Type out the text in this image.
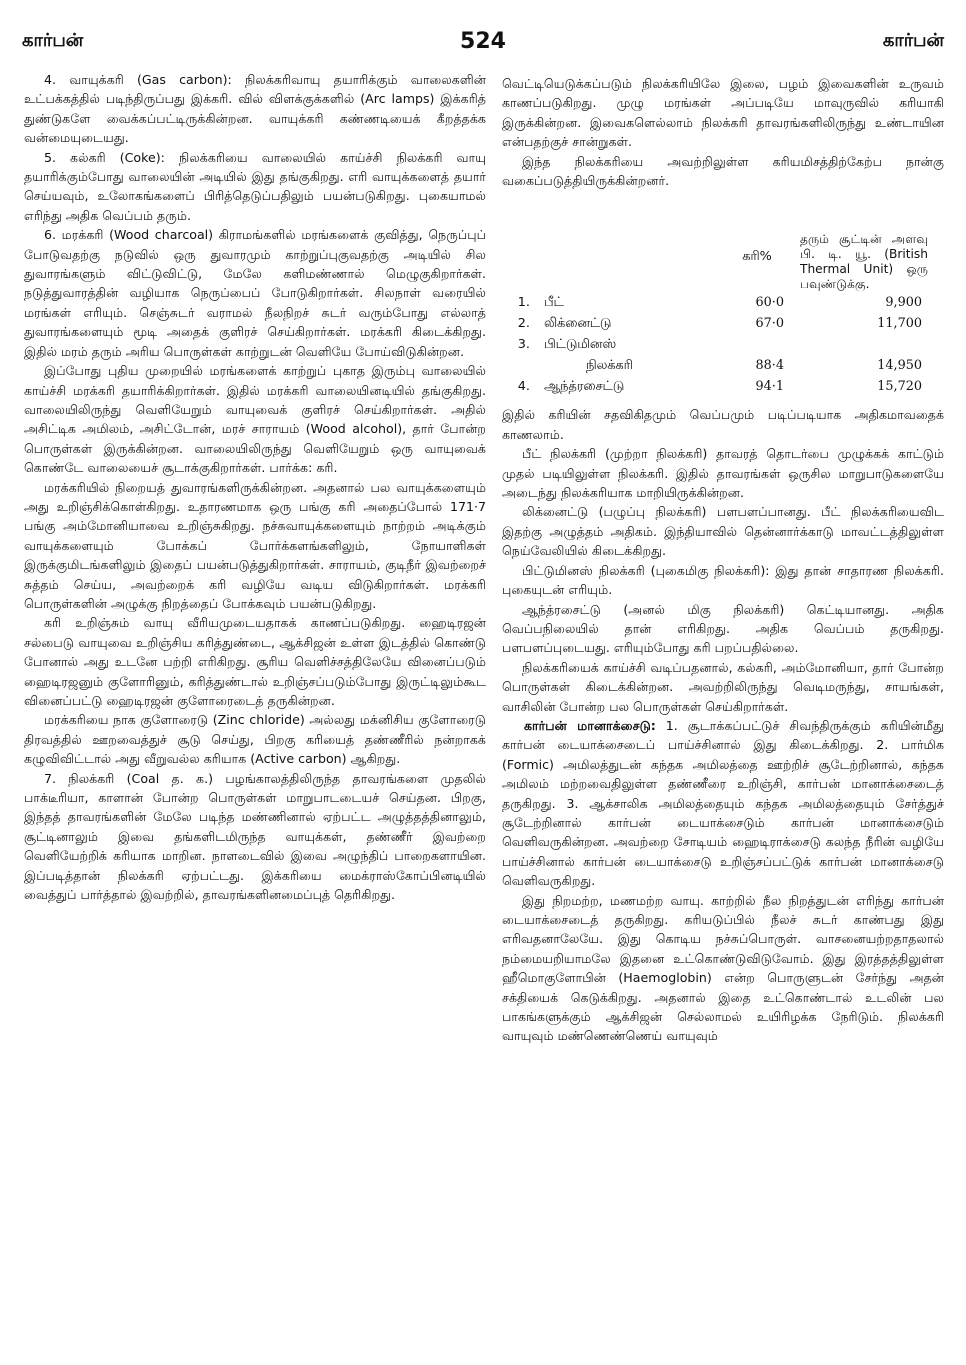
கார்பன்	524	கார்பன்

4. வாயுக்கரி (Gas carbon): நிலக்கரிவாயு தயாரிக்கும் வாலைகளின் உட்பக்கத்தில் படிந்திருப்பது இக்கரி. வில் விளக்குக்களில் (Arc lamps) இக்கரித் துண்டுகளே வைக்கப்பட்டிருக்கின்றன. வாயுக்கரி கண்ணடியைக் கீறத்தக்க வன்மையுடையது.

5. கல்கரி (Coke): நிலக்கரியை வாலையில் காய்ச்சி நிலக்கரி வாயு தயாரிக்கும்போது வாலையின் அடியில் இது தங்குகிறது. எரி வாயுக்களைத் தயார் செய்யவும், உலோகங்களைப் பிரித்தெடுப்பதிலும் பயன்படுகிறது. புகையாமல் எரிந்து அதிக வெப்பம் தரும்.

6. மரக்கரி (Wood charcoal) கிராமங்களில் மரங்களைக் குவித்து, நெருப்புப் போடுவதற்கு நடுவில் ஒரு துவாரமும் காற்றுப்புகுவதற்கு அடியில் சில துவாரங்களும் விட்டுவிட்டு, மேலே களிமண்ணால் மெழுகுகிறார்கள். நடுத்துவாரத்தின் வழியாக நெருப்பைப் போடுகிறார்கள். சிலநாள் வரையில் மரங்கள் எரியும். செஞ்சுடர் வராமல் நீலநிறச் சுடர் வரும்போது எல்லாத் துவாரங்களையும் மூடி அதைக் குளிரச் செய்கிறார்கள். மரக்கரி கிடைக்கிறது. இதில் மரம் தரும் அரிய பொருள்கள் காற்றுடன் வெளியே போய்விடுகின்றன.

இப்போது புதிய முறையில் மரங்களைக் காற்றுப் புகாத இரும்பு வாலையில் காய்ச்சி மரக்கரி தயாரிக்கிறார்கள். இதில் மரக்கரி வாலையினடியில் தங்குகிறது. வாலையிலிருந்து வெளியேறும் வாயுவைக் குளிரச் செய்கிறார்கள். அதில் அசிட்டிக அமிலம், அசிட்டோன், மரச் சாராயம் (Wood alcohol), தார் போன்ற பொருள்கள் இருக்கின்றன. வாலையிலிருந்து வெளியேறும் ஒரு வாயுவைக் கொண்டே வாலையைச் சூடாக்குகிறார்கள். பார்க்க: கரி.

மரக்கரியில் நிறையத் துவாரங்களிருக்கின்றன. அதனால் பல வாயுக்களையும் அது உறிஞ்சிக்கொள்கிறது. உதாரணமாக ஒரு பங்கு கரி அதைப்போல் 171·7 பங்கு அம்மோனியாவை உறிஞ்சுகிறது. நச்சுவாயுக்களையும் நாற்றம் அடிக்கும் வாயுக்களையும் போக்கப் போர்க்களங்களிலும், நோயாளிகள் இருக்குமிடங்களிலும் இதைப் பயன்படுத்துகிறார்கள். சாராயம், குடிநீர் இவற்றைச் சுத்தம் செய்ய, அவற்றைக் கரி வழியே வடிய விடுகிறார்கள். மரக்கரி பொருள்களின் அழுக்கு நிறத்தைப் போக்கவும் பயன்படுகிறது.

கரி உறிஞ்சும் வாயு வீரியமுடையதாகக் காணப்படுகிறது. ஹைடிரஜன் சல்பைடு வாயுவை உறிஞ்சிய கரித்துண்டை, ஆக்சிஜன் உள்ள இடத்தில் கொண்டு போனால் அது உடனே பற்றி எரிகிறது. சூரிய வெளிச்சத்திலேயே வினைப்படும் ஹைடிரஜனும் குளோரினும், கரித்துண்டால் உறிஞ்சப்படும்போது இருட்டிலும்கூட வினைப்பட்டு ஹைடிரஜன் குளோரைடைத் தருகின்றன.

மரக்கரியை நாக குளோரைடு (Zinc chloride) அல்லது மக்னிசிய குளோரைடு திரவத்தில் ஊறவைத்துச் சூடு செய்து, பிறகு கரியைத் தண்ணீரில் நன்றாகக் கழுவிவிட்டால் அது வீறுவல்ல கரியாக (Active carbon) ஆகிறது.

7. நிலக்கரி (Coal த. க.) பழங்காலத்திலிருந்த தாவரங்களை முதலில் பாக்டீரியா, காளான் போன்ற பொருள்கள் மாறுபாடடையச் செய்தன. பிறகு, இந்தத் தாவரங்களின் மேலே படிந்த மண்ணினால் ஏற்பட்ட அழுத்தத்தினாலும், சூட்டினாலும் இவை தங்களிடமிருந்த வாயுக்கள், தண்ணீர் இவற்றை வெளியேற்றிக் கரியாக மாறின. நாளடைவில் இவை அழுந்திப் பாறைகளாயின. இப்படித்தான் நிலக்கரி ஏற்பட்டது. இக்கரியை மைக்ராஸ்கோப்பினடியில் வைத்துப் பார்த்தால் இவற்றில், தாவரங்களினமைப்புத் தெரிகிறது.

வெட்டியெடுக்கப்படும் நிலக்கரியிலே இலை, பழம் இவைகளின் உருவம் காணப்படுகிறது. முழு மரங்கள் அப்படியே மாவுருவில் கரியாகி இருக்கின்றன. இவைகளெல்லாம் நிலக்கரி தாவரங்களிலிருந்து உண்டாயின என்பதற்குச் சான்றுகள்.

இந்த நிலக்கரியை அவற்றிலுள்ள கரியமிசத்திற்கேற்ப நான்கு வகைப்படுத்தியிருக்கின்றனர்.

கரி%
தரும் சூட்டின் அளவு பி. டி. யூ. (British Thermal Unit) ஒரு பவுண்டுக்கு.
1.	பீட்	60·0	9,900
2.	லிக்னைட்டு	67·0	11,700
3.	பிட்டுமினஸ்
நிலக்கரி	88·4	14,950
4.	ஆந்த்ரசைட்டு	94·1	15,720

இதில் கரியின் சதவிகிதமும் வெப்பமும் படிப்படியாக அதிகமாவதைக் காணலாம்.

பீட் நிலக்கரி (முற்றா நிலக்கரி) தாவரத் தொடர்பை முழுக்கக் காட்டும் முதல் படியிலுள்ள நிலக்கரி. இதில் தாவரங்கள் ஒருசில மாறுபாடுகளையே அடைந்து நிலக்கரியாக மாறியிருக்கின்றன.

லிக்னைட்டு (பழுப்பு நிலக்கரி) பளபளப்பானது. பீட் நிலக்கரியைவிட இதற்கு அழுத்தம் அதிகம். இந்தியாவில் தென்னார்க்காடு மாவட்டத்திலுள்ள நெய்வேலியில் கிடைக்கிறது.

பிட்டுமினஸ் நிலக்கரி (புகைமிகு நிலக்கரி): இது தான் சாதாரண நிலக்கரி. புகையுடன் எரியும்.

ஆந்த்ரசைட்டு (அனல் மிகு நிலக்கரி) கெட்டியானது. அதிக வெப்பநிலையில் தான் எரிகிறது. அதிக வெப்பம் தருகிறது. பளபளப்புடையது. எரியும்போது கரி பறப்பதில்லை.

நிலக்கரியைக் காய்ச்சி வடிப்பதனால், கல்கரி, அம்மோனியா, தார் போன்ற பொருள்கள் கிடைக்கின்றன. அவற்றிலிருந்து வெடிமருந்து, சாயங்கள், வாசிலின் போன்ற பல பொருள்கள் செய்கிறார்கள்.

கார்பன் மானாக்சைடு: 1. சூடாக்கப்பட்டுச் சிவந்திருக்கும் கரியின்மீது கார்பன் டையாக்சைடைப் பாய்ச்சினால் இது கிடைக்கிறது. 2. பார்மிக (Formic) அமிலத்துடன் கந்தக அமிலத்தை ஊற்றிச் சூடேற்றினால், கந்தக அமிலம் மற்றவைதிலுள்ள தண்ணீரை உறிஞ்சி, கார்பன் மானாக்சைடைத் தருகிறது. 3. ஆக்சாலிக அமிலத்தையும் கந்தக அமிலத்தையும் சேர்த்துச் சூடேற்றினால் கார்பன் டையாக்சைடும் கார்பன் மானாக்சைடும் வெளிவருகின்றன. அவற்றை சோடியம் ஹைடிராக்சைடு கலந்த நீரின் வழியே பாய்ச்சினால் கார்பன் டையாக்சைடு உறிஞ்சப்பட்டுக் கார்பன் மானாக்சைடு வெளிவருகிறது.

இது நிறமற்ற, மணமற்ற வாயு. காற்றில் நீல நிறத்துடன் எரிந்து கார்பன் டையாக்சைடைத் தருகிறது. கரியடுப்பில் நீலச் சுடர் காண்பது இது எரிவதனாலேயே. இது கொடிய நச்சுப்பொருள். வாசனையற்றதாதலால் நம்மையறியாமலே இதனை உட்கொண்டுவிடுவோம். இது இரத்தத்திலுள்ள ஹீமொகுளோபின் (Haemoglobin) என்ற பொருளுடன் சேர்ந்து அதன் சக்தியைக் கெடுக்கிறது. அதனால் இதை உட்கொண்டால் உடலின் பல பாகங்களுக்கும் ஆக்சிஜன் செல்லாமல் உயிரிழக்க நேரிடும். நிலக்கரி வாயுவும் மண்ணெண்ணெய் வாயுவும்
